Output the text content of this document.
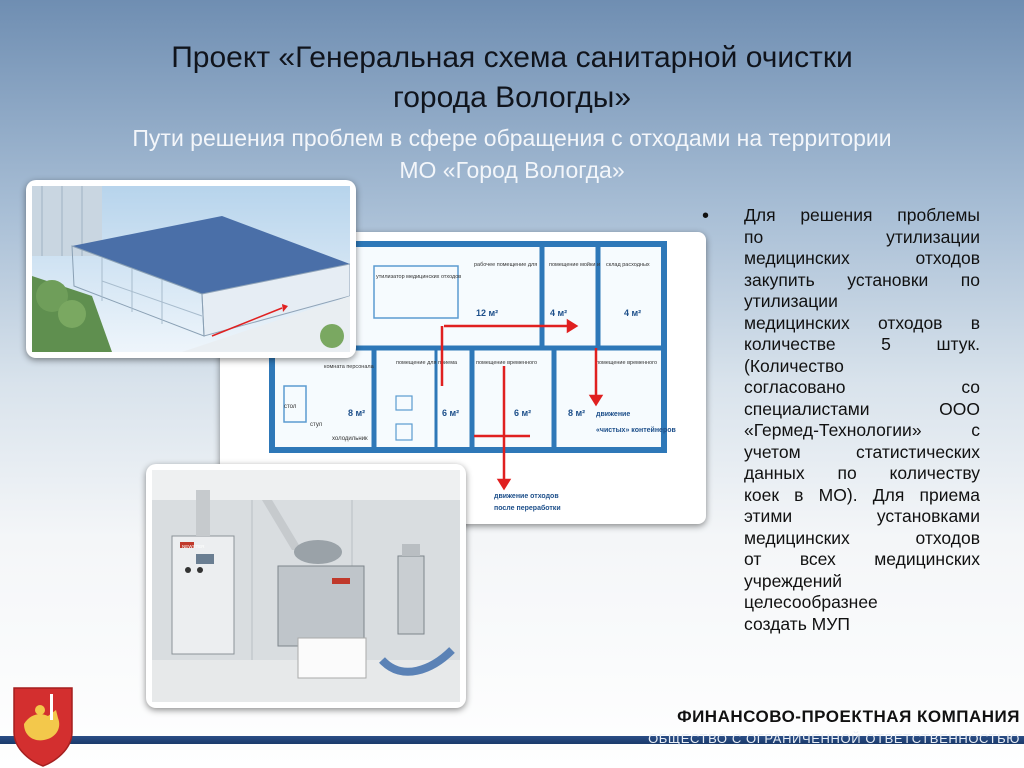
Проект «Генеральная схема санитарной очистки
города Вологды»
Пути решения проблем в сфере обращения с отходами на территории
МО «Город Вологда»
утилизатор медицинских отходов
рабочее помещение для помещение мойки и склад расходных
комната персонала
помещение для приема	помещение временного	помещение временного
12 м²	4 м²	4 м²
8 м²	6 м²	6 м²	8 м²
стол
стул
холодильник
движение
«чистых» контейнеров
движение отходов
после переработки
NEWSTER
• Для решения проблемы
по утилизации
медицинских отходов
закупить установки по
утилизации
медицинских отходов в
количестве 5 штук.
(Количество
согласовано со
специалистами ООО
«Гермед-Технологии» с
учетом статистических
данных по количеству
коек в МО). Для приема
этими установками
медицинских отходов
от всех медицинских
учреждений
целесообразнее
создать МУП
ФИНАНСОВО-ПРОЕКТНАЯ КОМПАНИЯ
ОБЩЕСТВО С ОГРАНИЧЕННОЙ ОТВЕТСТВЕННОСТЬЮ
